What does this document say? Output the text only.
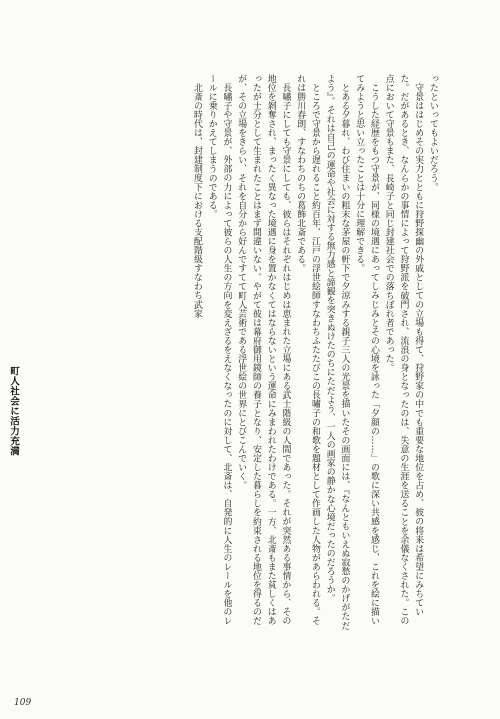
ったといってもよいだろう。

守景ははじめその実力とともに狩野探幽の外戚としての立場も得て、狩野家の中でも重要な地位を占め、彼の将来は希望にみちていた。だがあるとき、なんらかの事情によって狩野派を破門され、流浪の身となったのは、失意の生涯を送ることを余儀なくされた。この点において守景もまた、長崎子と同じ封建社会での落ちぼれ者であった。

こうした経歴をもつ守景が、同様の境遇にあってしみじみとその心境を詠った「夕顔の……」の歌に深い共感を感じ、これを絵に描いてみようと思い立ったことは十分に理解できる。

とある夕暮れ、わび住まいの粗末な茅屋の軒下で夕涼みする親子三人の光景を描いたその画面には、『なんともいえぬ寂愁のかげがただよう』。それは自己の運命や社会に対する無力感と諦観を突きぬけたのちにただよう、一人の画家の静かな心境だったのだろうか。

ところで守景から遅れること約百年、江戸の浮世絵師すなわちふたたびこの長嘯子の和歌を題材として作画した人物があらわれる。それは勝川春朗、すなわちのちの葛飾北斎である。

長嘯子にしても守景にしても、彼らはそれぞれはじめは恵まれた立場にある武士階級の人間であった。それが突然ある事情から、その地位を剝奪され、まったく異なった境遇に身を置かなくてはならないという運命にみまわれたわけである。一方、北斎もまた貧しくはあったが士分として生まれたことはまず間違いない。やがて彼は幕府御用鏡師の養子となり、安定した暮らしを約束される地位を得るのだが、その立場をきらい、それを自分から好んですてて町人芸術である浮世絵の世界にとびこんでいく。

長嘯子や守景が、外部の力によって彼らの人生の方向を変えざるをえなくなったのに対して、北斎は、自発的に人生のレールを他のレールに乗りかえてしまうのである。

北斎の時代は、封建制度下における支配階級すなわち武家

町人社会に活力充満
109
